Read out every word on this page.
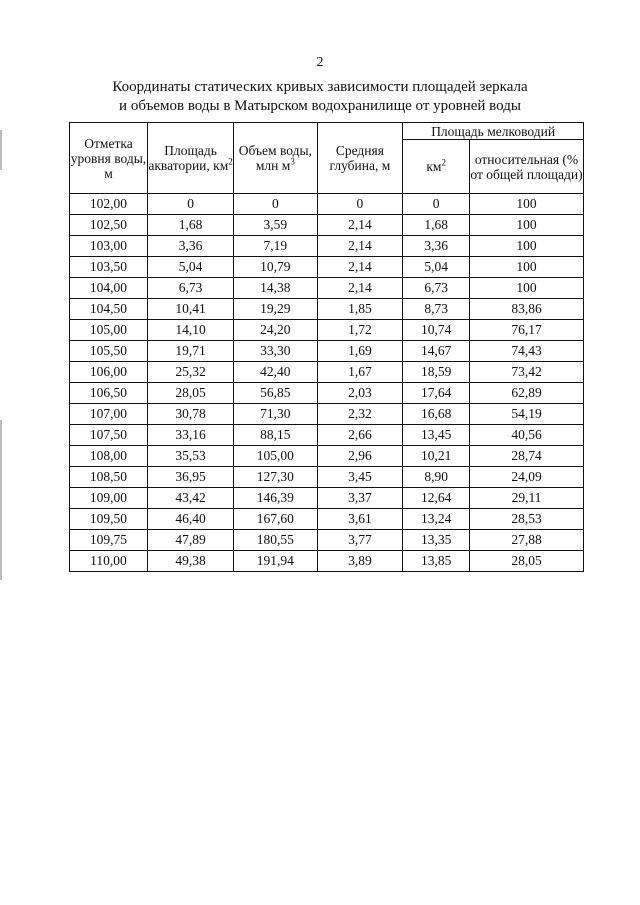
2
Координаты статических кривых зависимости площадей зеркала
и объемов воды в Матырском водохранилище от уровней воды
Отметка уровня воды, м	Площадь акватории, $км^2$	Объем воды, млн $м^3$	Средняя глубина, м	Площадь мелководий	
				$км^2$	относительная (% от общей площади)
102,00	0	0	0	0	100
102,50	1,68	3,59	2,14	1,68	100
103,00	3,36	7,19	2,14	3,36	100
103,50	5,04	10,79	2,14	5,04	100
104,00	6,73	14,38	2,14	6,73	100
104,50	10,41	19,29	1,85	8,73	83,86
105,00	14,10	24,20	1,72	10,74	76,17
105,50	19,71	33,30	1,69	14,67	74,43
106,00	25,32	42,40	1,67	18,59	73,42
106,50	28,05	56,85	2,03	17,64	62,89
107,00	30,78	71,30	2,32	16,68	54,19
107,50	33,16	88,15	2,66	13,45	40,56
108,00	35,53	105,00	2,96	10,21	28,74
108,50	36,95	127,30	3,45	8,90	24,09
109,00	43,42	146,39	3,37	12,64	29,11
109,50	46,40	167,60	3,61	13,24	28,53
109,75	47,89	180,55	3,77	13,35	27,88
110,00	49,38	191,94	3,89	13,85	28,05
